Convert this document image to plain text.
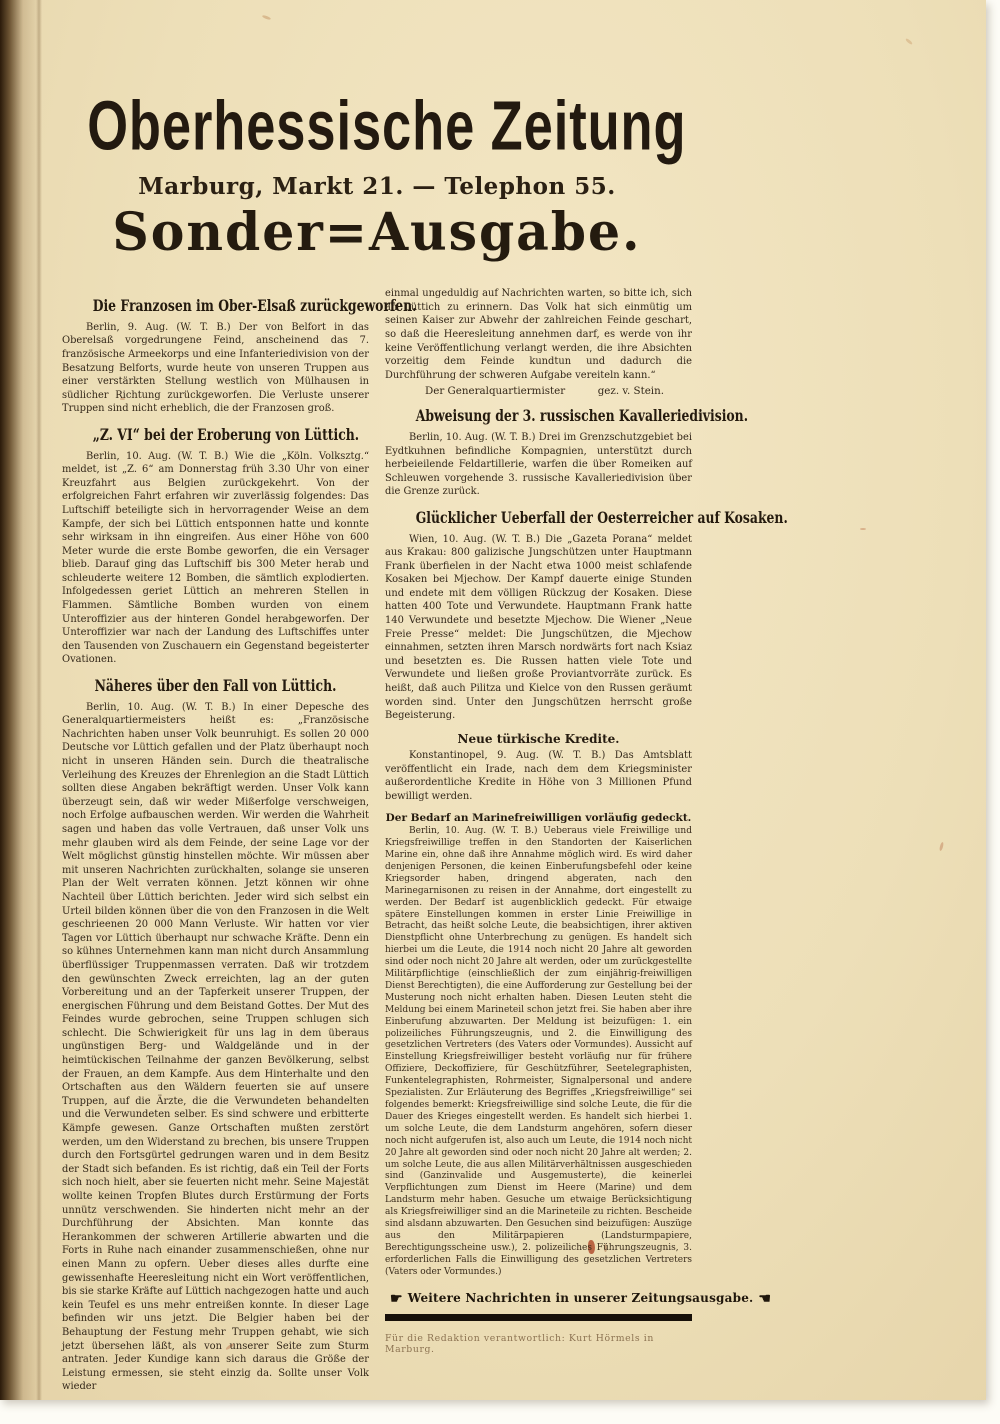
Oberhessische Zeitung
Marburg, Markt 21. — Telephon 55.
Sonder=Ausgabe.
Die Franzosen im Ober-Elsaß zurückgeworfen.

Berlin, 9. Aug. (W. T. B.) Der von Belfort in das Oberelsaß vorgedrungene Feind, anscheinend das 7. französische Armeekorps und eine Infanteriedivision von der Besatzung Belforts, wurde heute von unseren Truppen aus einer verstärkten Stellung westlich von Mülhausen in südlicher Richtung zurückgeworfen. Die Verluste unserer Truppen sind nicht erheblich, die der Franzosen groß.

„Z. VI“ bei der Eroberung von Lüttich.

Berlin, 10. Aug. (W. T. B.) Wie die „Köln. Volksztg.“ meldet, ist „Z. 6“ am Donnerstag früh 3.30 Uhr von einer Kreuzfahrt aus Belgien zurückgekehrt. Von der erfolgreichen Fahrt erfahren wir zuverlässig folgendes: Das Luftschiff beteiligte sich in hervorragender Weise an dem Kampfe, der sich bei Lüttich entsponnen hatte und konnte sehr wirksam in ihn eingreifen. Aus einer Höhe von 600 Meter wurde die erste Bombe geworfen, die ein Versager blieb. Darauf ging das Luftschiff bis 300 Meter herab und schleuderte weitere 12 Bomben, die sämtlich explodierten. Infolgedessen geriet Lüttich an mehreren Stellen in Flammen. Sämtliche Bomben wurden von einem Unteroffizier aus der hinteren Gondel herabgeworfen. Der Unteroffizier war nach der Landung des Luftschiffes unter den Tausenden von Zuschauern ein Gegenstand begeisterter Ovationen.

Näheres über den Fall von Lüttich.

Berlin, 10. Aug. (W. T. B.) In einer Depesche des Generalquartiermeisters heißt es: „Französische Nachrichten haben unser Volk beunruhigt. Es sollen 20 000 Deutsche vor Lüttich gefallen und der Platz überhaupt noch nicht in unseren Händen sein. Durch die theatralische Verleihung des Kreuzes der Ehrenlegion an die Stadt Lüttich sollten diese Angaben bekräftigt werden. Unser Volk kann überzeugt sein, daß wir weder Mißerfolge verschweigen, noch Erfolge aufbauschen werden. Wir werden die Wahrheit sagen und haben das volle Vertrauen, daß unser Volk uns mehr glauben wird als dem Feinde, der seine Lage vor der Welt möglichst günstig hinstellen möchte. Wir müssen aber mit unseren Nachrichten zurückhalten, solange sie unseren Plan der Welt verraten können. Jetzt können wir ohne Nachteil über Lüttich berichten. Jeder wird sich selbst ein Urteil bilden können über die von den Franzosen in die Welt geschrieenen 20 000 Mann Verluste. Wir hatten vor vier Tagen vor Lüttich überhaupt nur schwache Kräfte. Denn ein so kühnes Unternehmen kann man nicht durch Ansammlung überflüssiger Truppenmassen verraten. Daß wir trotzdem den gewünschten Zweck erreichten, lag an der guten Vorbereitung und an der Tapferkeit unserer Truppen, der energischen Führung und dem Beistand Gottes. Der Mut des Feindes wurde gebrochen, seine Truppen schlugen sich schlecht. Die Schwierigkeit für uns lag in dem überaus ungünstigen Berg- und Waldgelände und in der heimtückischen Teilnahme der ganzen Bevölkerung, selbst der Frauen, an dem Kampfe. Aus dem Hinterhalte und den Ortschaften aus den Wäldern feuerten sie auf unsere Truppen, auf die Ärzte, die die Verwundeten behandelten und die Verwundeten selber. Es sind schwere und erbitterte Kämpfe gewesen. Ganze Ortschaften mußten zerstört werden, um den Widerstand zu brechen, bis unsere Truppen durch den Fortsgürtel gedrungen waren und in dem Besitz der Stadt sich befanden. Es ist richtig, daß ein Teil der Forts sich noch hielt, aber sie feuerten nicht mehr. Seine Majestät wollte keinen Tropfen Blutes durch Erstürmung der Forts unnütz verschwenden. Sie hinderten nicht mehr an der Durchführung der Absichten. Man konnte das Herankommen der schweren Artillerie abwarten und die Forts in Ruhe nach einander zusammenschießen, ohne nur einen Mann zu opfern. Ueber dieses alles durfte eine gewissenhafte Heeresleitung nicht ein Wort veröffentlichen, bis sie starke Kräfte auf Lüttich nachgezogen hatte und auch kein Teufel es uns mehr entreißen konnte. In dieser Lage befinden wir uns jetzt. Die Belgier haben bei der Behauptung der Festung mehr Truppen gehabt, wie sich jetzt übersehen läßt, als von unserer Seite zum Sturm antraten. Jeder Kundige kann sich daraus die Größe der Leistung ermessen, sie steht einzig da. Sollte unser Volk wieder

einmal ungeduldig auf Nachrichten warten, so bitte ich, sich an Lüttich zu erinnern. Das Volk hat sich einmütig um seinen Kaiser zur Abwehr der zahlreichen Feinde geschart, so daß die Heeresleitung annehmen darf, es werde von ihr keine Veröffentlichung verlangt werden, die ihre Absichten vorzeitig dem Feinde kundtun und dadurch die Durchführung der schweren Aufgabe vereiteln kann.“

Der Generalquartiermister	gez. v. Stein.
Abweisung der 3. russischen Kavalleriedivision.

Berlin, 10. Aug. (W. T. B.) Drei im Grenzschutzgebiet bei Eydtkuhnen befindliche Kompagnien, unterstützt durch herbeieilende Feldartillerie, warfen die über Romeiken auf Schleuwen vorgehende 3. russische Kavalleriedivision über die Grenze zurück.

Glücklicher Ueberfall der Oesterreicher auf Kosaken.

Wien, 10. Aug. (W. T. B.) Die „Gazeta Porana“ meldet aus Krakau: 800 galizische Jungschützen unter Hauptmann Frank überfielen in der Nacht etwa 1000 meist schlafende Kosaken bei Mjechow. Der Kampf dauerte einige Stunden und endete mit dem völligen Rückzug der Kosaken. Diese hatten 400 Tote und Verwundete. Hauptmann Frank hatte 140 Verwundete und besetzte Mjechow. Die Wiener „Neue Freie Presse“ meldet: Die Jungschützen, die Mjechow einnahmen, setzten ihren Marsch nordwärts fort nach Ksiaz und besetzten es. Die Russen hatten viele Tote und Verwundete und ließen große Proviantvorräte zurück. Es heißt, daß auch Pilitza und Kielce von den Russen geräumt worden sind. Unter den Jungschützen herrscht große Begeisterung.

Neue türkische Kredite.

Konstantinopel, 9. Aug. (W. T. B.) Das Amtsblatt veröffentlicht ein Irade, nach dem dem Kriegsminister außerordentliche Kredite in Höhe von 3 Millionen Pfund bewilligt werden.

Der Bedarf an Marinefreiwilligen vorläufig gedeckt.

Berlin, 10. Aug. (W. T. B.) Ueberaus viele Freiwillige und Kriegsfreiwillige treffen in den Standorten der Kaiserlichen Marine ein, ohne daß ihre Annahme möglich wird. Es wird daher denjenigen Personen, die keinen Einberufungsbefehl oder keine Kriegsorder haben, dringend abgeraten, nach den Marinegarnisonen zu reisen in der Annahme, dort eingestellt zu werden. Der Bedarf ist augenblicklich gedeckt. Für etwaige spätere Einstellungen kommen in erster Linie Freiwillige in Betracht, das heißt solche Leute, die beabsichtigen, ihrer aktiven Dienstpflicht ohne Unterbrechung zu genügen. Es handelt sich hierbei um die Leute, die 1914 noch nicht 20 Jahre alt geworden sind oder noch nicht 20 Jahre alt werden, oder um zurückgestellte Militärpflichtige (einschließlich der zum einjährig-freiwilligen Dienst Berechtigten), die eine Aufforderung zur Gestellung bei der Musterung noch nicht erhalten haben. Diesen Leuten steht die Meldung bei einem Marineteil schon jetzt frei. Sie haben aber ihre Einberufung abzuwarten. Der Meldung ist beizufügen: 1. ein polizeiliches Führungszeugnis, und 2. die Einwilligung des gesetzlichen Vertreters (des Vaters oder Vormundes). Aussicht auf Einstellung Kriegsfreiwilliger besteht vorläufig nur für frühere Offiziere, Deckoffiziere, für Geschützführer, Seetelegraphisten, Funkentelegraphisten, Rohrmeister, Signalpersonal und andere Spezialisten. Zur Erläuterung des Begriffes „Kriegsfreiwillige“ sei folgendes bemerkt: Kriegsfreiwillige sind solche Leute, die für die Dauer des Krieges eingestellt werden. Es handelt sich hierbei 1. um solche Leute, die dem Landsturm angehören, sofern dieser noch nicht aufgerufen ist, also auch um Leute, die 1914 noch nicht 20 Jahre alt geworden sind oder noch nicht 20 Jahre alt werden; 2. um solche Leute, die aus allen Militärverhältnissen ausgeschieden sind (Ganzinvalide und Ausgemusterte), die keinerlei Verpflichtungen zum Dienst im Heere (Marine) und dem Landsturm mehr haben. Gesuche um etwaige Berücksichtigung als Kriegsfreiwilliger sind an die Marineteile zu richten. Bescheide sind alsdann abzuwarten. Den Gesuchen sind beizufügen: Auszüge aus den Militärpapieren (Landsturmpapiere, Berechtigungsscheine usw.), 2. polizeiliches Führungszeugnis, 3. erforderlichen Falls die Einwilligung des gesetzlichen Vertreters (Vaters oder Vormundes.)

☛ Weitere Nachrichten in unserer Zeitungsausgabe. ☚
Für die Redaktion verantwortlich: Kurt Hörmels in Marburg.
